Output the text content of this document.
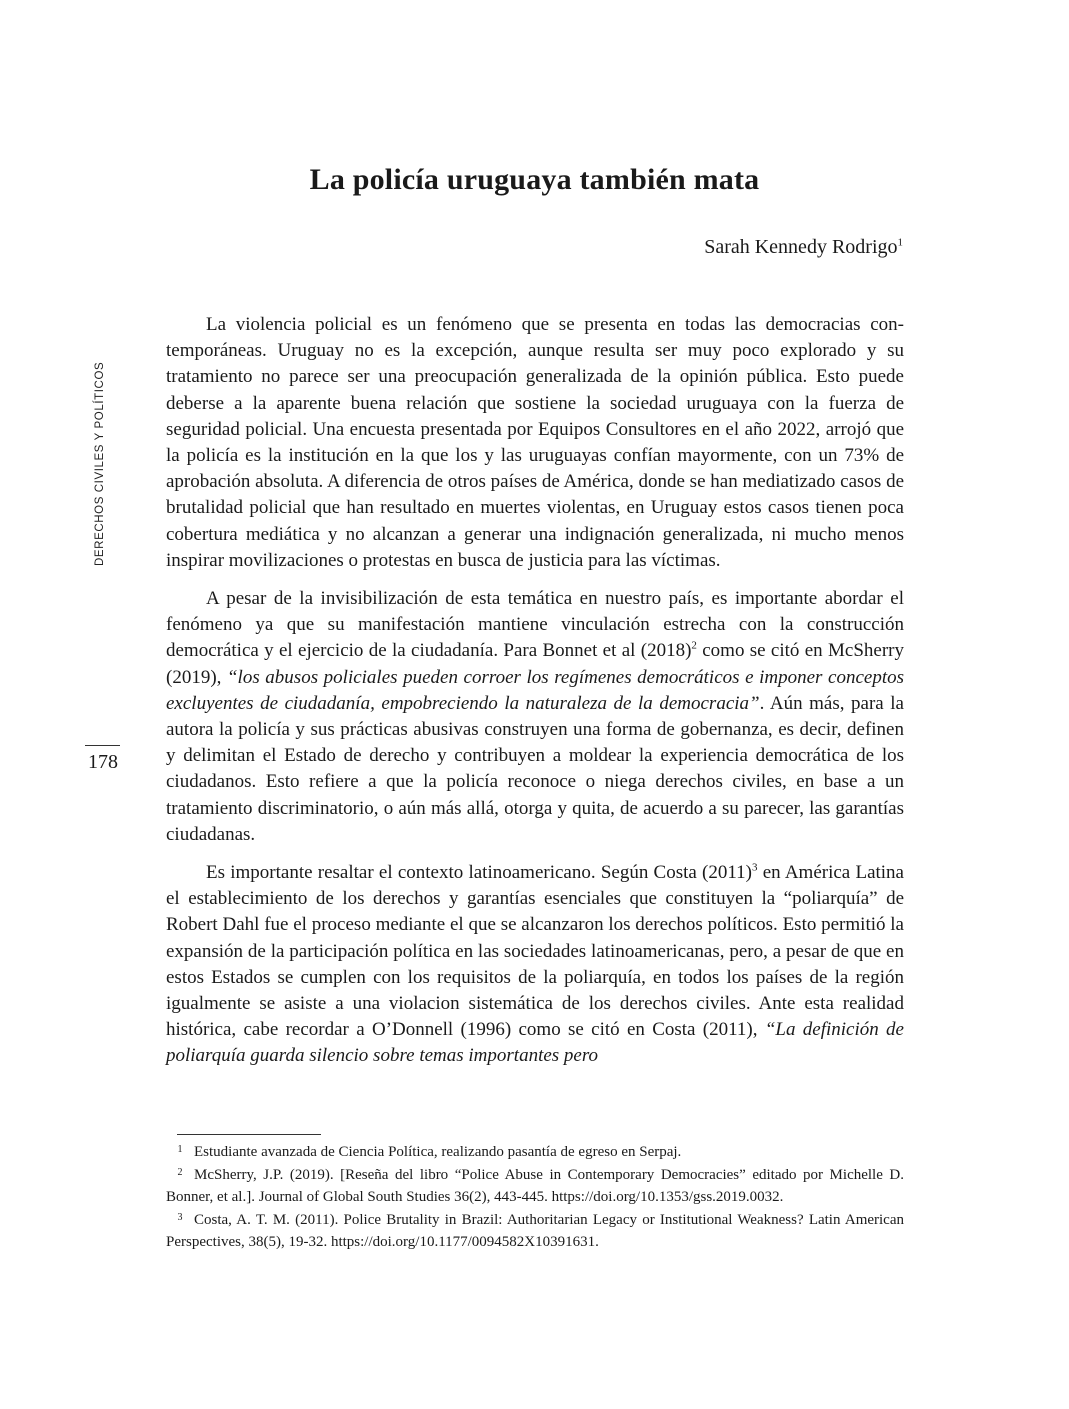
La policía uruguaya también mata
Sarah Kennedy Rodrigo$^1$
DERECHOS CIVILES Y POLÍTICOS
178

La violencia policial es un fenómeno que se presenta en todas las democracias contemporáneas. Uruguay no es la excepción, aunque resulta ser muy poco explorado y su tratamiento no parece ser una preocupación generalizada de la opinión pública. Esto puede deberse a la aparente buena relación que sostiene la sociedad uruguaya con la fuerza de seguridad policial. Una encuesta presentada por Equipos Consultores en el año 2022, arrojó que la policía es la institución en la que los y las uruguayas confían mayormente, con un 73% de aprobación absoluta. A diferencia de otros países de América, donde se han mediatizado casos de brutalidad policial que han resultado en muertes violentas, en Uruguay estos casos tienen poca cobertura mediática y no alcanzan a generar una indignación generalizada, ni mucho menos inspirar movilizaciones o protestas en busca de justicia para las víctimas.

A pesar de la invisibilización de esta temática en nuestro país, es importante abordar el fenómeno ya que su manifestación mantiene vinculación estrecha con la construcción democrática y el ejercicio de la ciudadanía. Para Bonnet et al $(2018)^2$ como se citó en McSherry (2019), “los abusos policiales pueden corroer los regímenes democráticos e imponer conceptos excluyentes de ciudadanía, empobreciendo la naturaleza de la democracia”. Aún más, para la autora la policía y sus prácticas abusivas construyen una forma de gobernanza, es decir, definen y delimitan el Estado de derecho y contribuyen a moldear la experiencia democrática de los ciudadanos. Esto refiere a que la policía reconoce o niega derechos civiles, en base a un tratamiento discriminatorio, o aún más allá, otorga y quita, de acuerdo a su parecer, las garantías ciudadanas.

Es importante resaltar el contexto latinoamericano. Según Costa $(2011)^3$ en América Latina el establecimiento de los derechos y garantías esenciales que constituyen la “poliarquía” de Robert Dahl fue el proceso mediante el que se alcanzaron los derechos políticos. Esto permitió la expansión de la participación política en las sociedades latinoamericanas, pero, a pesar de que en estos Estados se cumplen con los requisitos de la poliarquía, en todos los países de la región igualmente se asiste a una violacion sistemática de los derechos civiles. Ante esta realidad histórica, cabe recordar a O’Donnell (1996) como se citó en Costa (2011), “La definición de poliarquía guarda silencio sobre temas importantes pero

1 Estudiante avanzada de Ciencia Política, realizando pasantía de egreso en Serpaj.

2 McSherry, J.P. (2019). [Reseña del libro “Police Abuse in Contemporary Democracies” editado por Michelle D. Bonner, et al.]. Journal of Global South Studies 36(2), 443-445. https://doi.org/10.1353/gss.2019.0032.

3 Costa, A. T. M. (2011). Police Brutality in Brazil: Authoritarian Legacy or Institutional Weakness? Latin American Perspectives, 38(5), 19-32. https://doi.org/10.1177/0094582X10391631.
